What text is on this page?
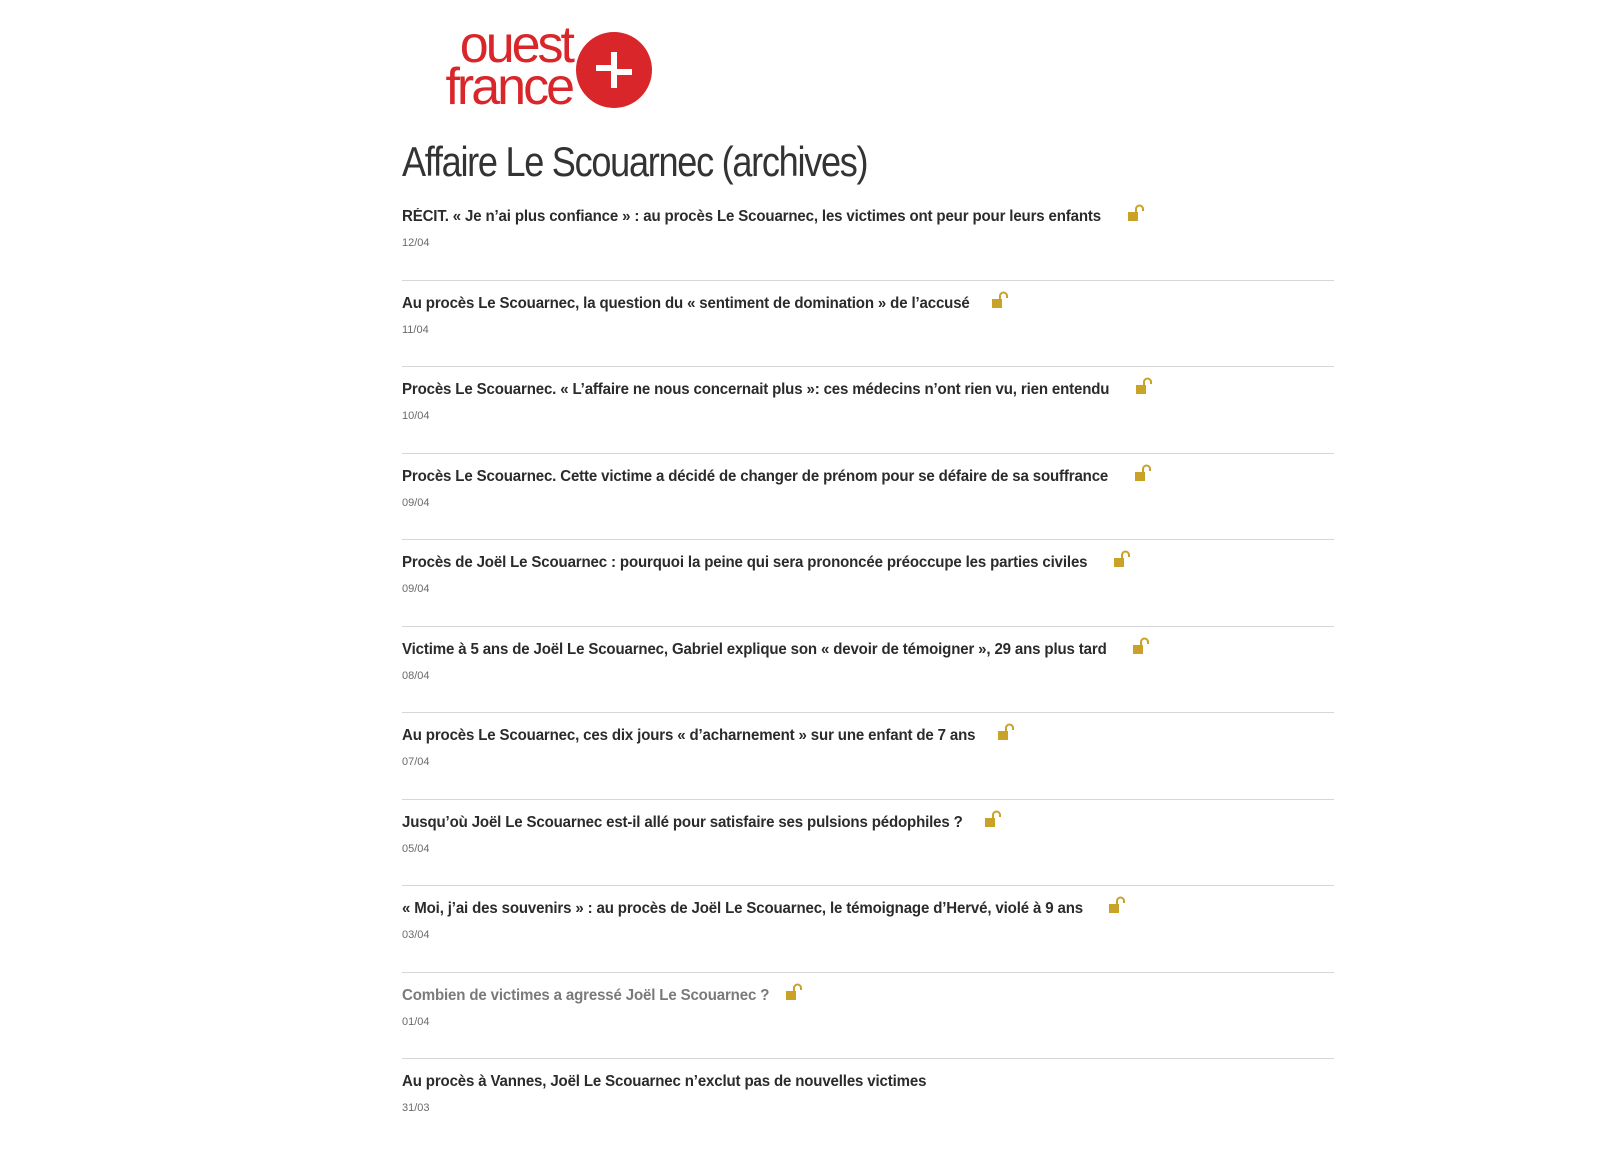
ouest
france
Affaire Le Scouarnec (archives)
RÉCIT. « Je n’ai plus confiance » : au procès Le Scouarnec, les victimes ont peur pour leurs enfants
12/04
Au procès Le Scouarnec, la question du « sentiment de domination » de l’accusé
11/04
Procès Le Scouarnec. « L’affaire ne nous concernait plus »: ces médecins n’ont rien vu, rien entendu
10/04
Procès Le Scouarnec. Cette victime a décidé de changer de prénom pour se défaire de sa souffrance
09/04
Procès de Joël Le Scouarnec : pourquoi la peine qui sera prononcée préoccupe les parties civiles
09/04
Victime à 5 ans de Joël Le Scouarnec, Gabriel explique son « devoir de témoigner », 29 ans plus tard
08/04
Au procès Le Scouarnec, ces dix jours « d’acharnement » sur une enfant de 7 ans
07/04
Jusqu’où Joël Le Scouarnec est-il allé pour satisfaire ses pulsions pédophiles ?
05/04
« Moi, j’ai des souvenirs » : au procès de Joël Le Scouarnec, le témoignage d’Hervé, violé à 9 ans
03/04
Combien de victimes a agressé Joël Le Scouarnec ?
01/04
Au procès à Vannes, Joël Le Scouarnec n’exclut pas de nouvelles victimes
31/03
